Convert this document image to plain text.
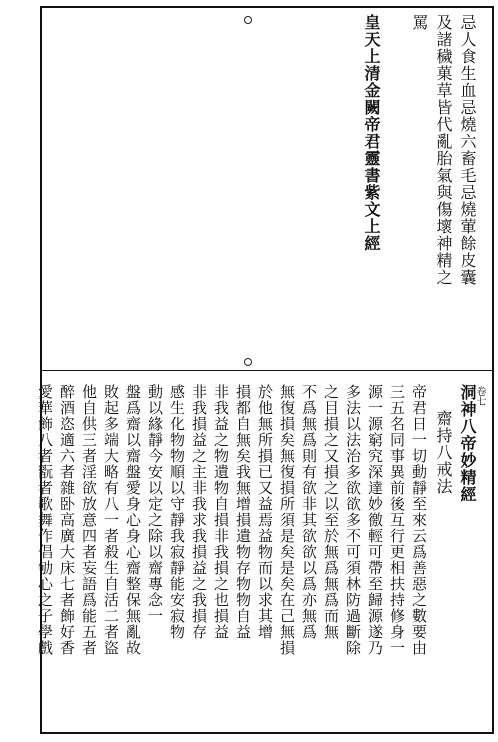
卷七
忌人食生血忌燒六畜毛忌燒葷餘皮囊
及諸穢菓草皆代亂胎氣與傷壞神精之
罵
皇天上清金闕帝君靈書紫文上經
洞神八帝妙精經
齋持八戒法
帝君日一切動靜至來云爲善惡之數要由
三五名同事異前後互行更相扶持修身一
源一源窮究深達妙徼輕可帶至歸源遂乃
多法以法治多欲欲多不可須林防過斷除
之目損之又損之以至於無爲無爲而無
不爲無爲則有欲非其欲欲以爲亦無爲
無復損矣無復損所須是矣是矣在己無損
於他無所損已又益焉益物而以求其增
損都自無矣我無增損遺物存物物自益
非我益之物遺物自損非我損之也損益
非我損益之主非我求我損益之我損存
感生化物物順以守靜我寂靜能安寂物
動以緣靜今安以定之除以齋專念一
盤爲齋以齋盤愛身心身心齋整保無亂故
敗起多端大略有八一者殺生自活二者盜
他自供三者淫欲放意四者妄語爲能五者
醉酒恣適六者雜卧高廣大床七者飾好香
愛華飾八者翫者歌舞作倡劬心之子學戲
